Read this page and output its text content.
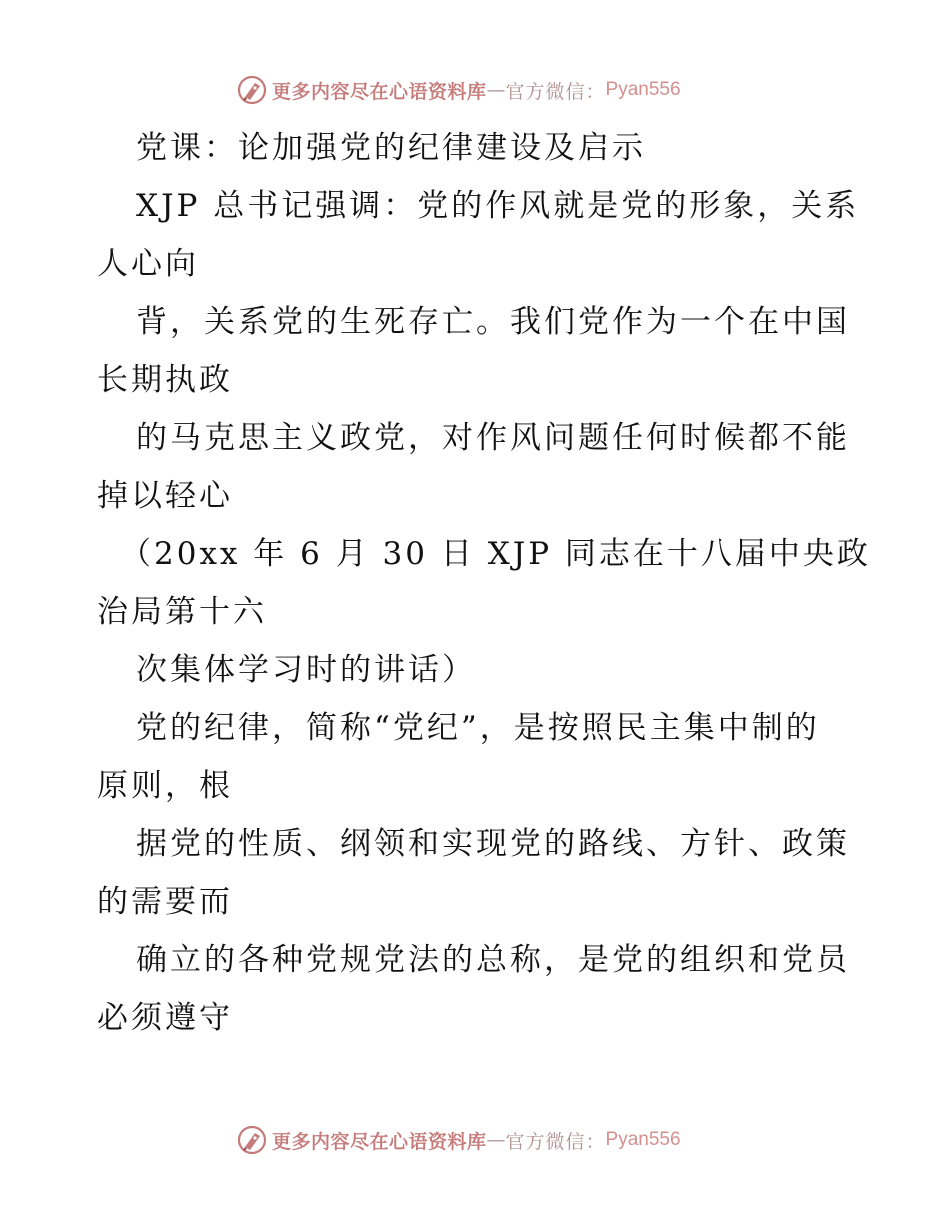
更多内容尽在心语资料库 — 官方微信： Pyan556
党课：论加强党的纪律建设及启示
XJP 总书记强调：党的作风就是党的形象，关系
人心向
背，关系党的生死存亡。我们党作为一个在中国
长期执政
的马克思主义政党，对作风问题任何时候都不能
掉以轻心
（20xx 年 6 月 30 日 XJP 同志在十八届中央政
治局第十六
次集体学习时的讲话）
党的纪律，简称“党纪”，是按照民主集中制的
原则，根
据党的性质、纲领和实现党的路线、方针、政策
的需要而
确立的各种党规党法的总称，是党的组织和党员
必须遵守
更多内容尽在心语资料库 — 官方微信： Pyan556
